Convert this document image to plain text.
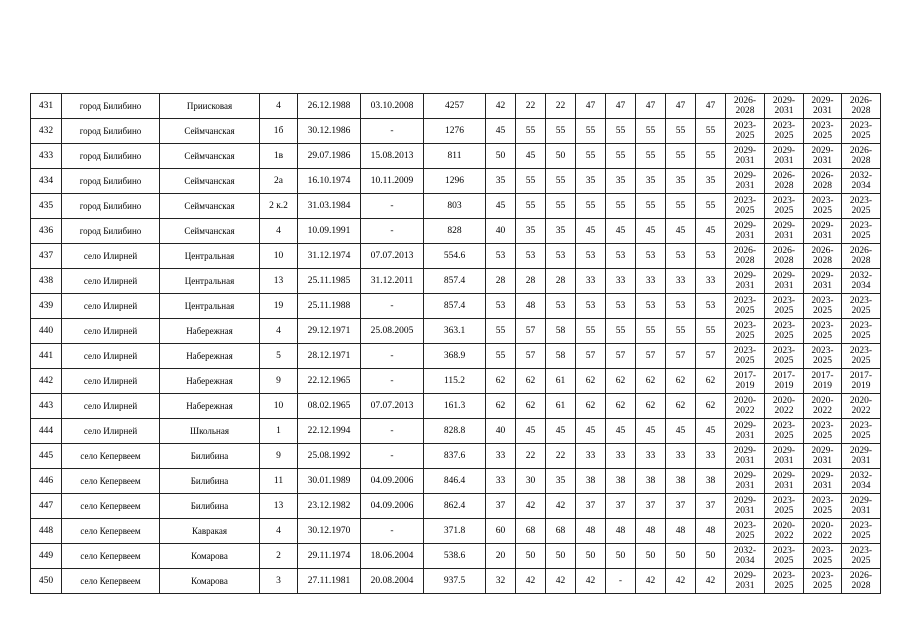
431	город Билибино	Приисковая	4	26.12.1988	03.10.2008	4257	42	22	22	47	47	47	47	47	2026-2028	2029-2031	2029-2031	2026-2028
432	город Билибино	Сеймчанская	1б	30.12.1986	-	1276	45	55	55	55	55	55	55	55	2023-2025	2023-2025	2023-2025	2023-2025
433	город Билибино	Сеймчанская	1в	29.07.1986	15.08.2013	811	50	45	50	55	55	55	55	55	2029-2031	2029-2031	2029-2031	2026-2028
434	город Билибино	Сеймчанская	2а	16.10.1974	10.11.2009	1296	35	55	55	35	35	35	35	35	2029-2031	2026-2028	2026-2028	2032-2034
435	город Билибино	Сеймчанская	2 к.2	31.03.1984	-	803	45	55	55	55	55	55	55	55	2023-2025	2023-2025	2023-2025	2023-2025
436	город Билибино	Сеймчанская	4	10.09.1991	-	828	40	35	35	45	45	45	45	45	2029-2031	2029-2031	2029-2031	2023-2025
437	село Илирней	Центральная	10	31.12.1974	07.07.2013	554.6	53	53	53	53	53	53	53	53	2026-2028	2026-2028	2026-2028	2026-2028
438	село Илирней	Центральная	13	25.11.1985	31.12.2011	857.4	28	28	28	33	33	33	33	33	2029-2031	2029-2031	2029-2031	2032-2034
439	село Илирней	Центральная	19	25.11.1988	-	857.4	53	48	53	53	53	53	53	53	2023-2025	2023-2025	2023-2025	2023-2025
440	село Илирней	Набережная	4	29.12.1971	25.08.2005	363.1	55	57	58	55	55	55	55	55	2023-2025	2023-2025	2023-2025	2023-2025
441	село Илирней	Набережная	5	28.12.1971	-	368.9	55	57	58	57	57	57	57	57	2023-2025	2023-2025	2023-2025	2023-2025
442	село Илирней	Набережная	9	22.12.1965	-	115.2	62	62	61	62	62	62	62	62	2017-2019	2017-2019	2017-2019	2017-2019
443	село Илирней	Набережная	10	08.02.1965	07.07.2013	161.3	62	62	61	62	62	62	62	62	2020-2022	2020-2022	2020-2022	2020-2022
444	село Илирней	Школьная	1	22.12.1994	-	828.8	40	45	45	45	45	45	45	45	2029-2031	2023-2025	2023-2025	2023-2025
445	село Кепервеем	Билибина	9	25.08.1992	-	837.6	33	22	22	33	33	33	33	33	2029-2031	2029-2031	2029-2031	2029-2031
446	село Кепервеем	Билибина	11	30.01.1989	04.09.2006	846.4	33	30	35	38	38	38	38	38	2029-2031	2029-2031	2029-2031	2032-2034
447	село Кепервеем	Билибина	13	23.12.1982	04.09.2006	862.4	37	42	42	37	37	37	37	37	2029-2031	2023-2025	2023-2025	2029-2031
448	село Кепервеем	Кавракая	4	30.12.1970	-	371.8	60	68	68	48	48	48	48	48	2023-2025	2020-2022	2020-2022	2023-2025
449	село Кепервеем	Комарова	2	29.11.1974	18.06.2004	538.6	20	50	50	50	50	50	50	50	2032-2034	2023-2025	2023-2025	2023-2025
450	село Кепервеем	Комарова	3	27.11.1981	20.08.2004	937.5	32	42	42	42	-	42	42	42	2029-2031	2023-2025	2023-2025	2026-2028
